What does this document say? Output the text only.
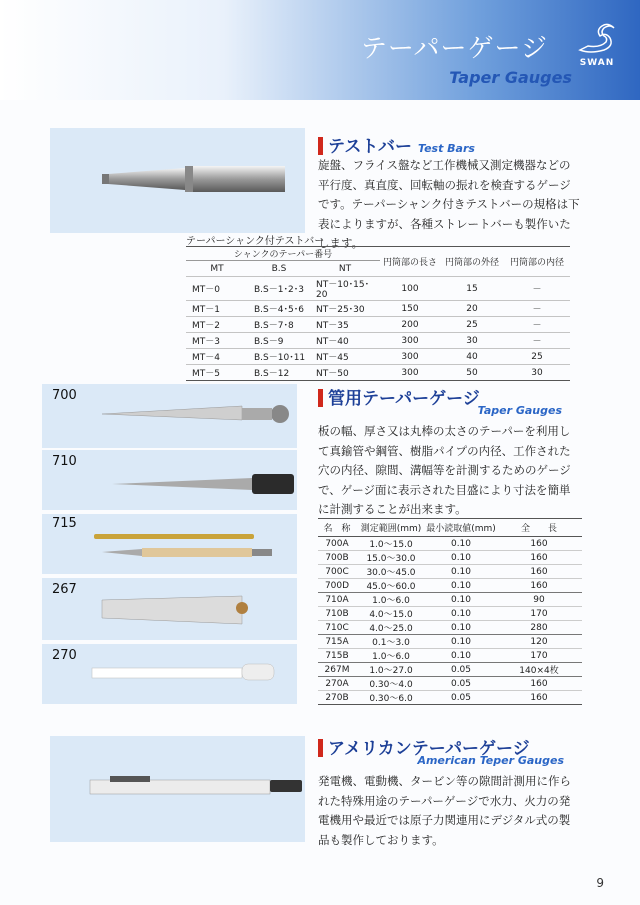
テーパーゲージ
Taper Gauges
SWAN
テストバー Test Bars
旋盤、フライス盤など工作機械又測定機器などの平行度、真直度、回転軸の振れを検査するゲージです。テーパーシャンク付きテストバーの規格は下表によりますが、各種ストレートバーも製作いたします。
テーパーシャンク付テストバー
シャンクのテーパー番号			円筒部の長さ	円筒部の外径	円筒部の内径
MT	B.S	NT			
MT－0	B.S－1･2･3	NT－10･15･20	100	15	－
MT－1	B.S－4･5･6	NT－25･30	150	20	－
MT－2	B.S－7･8	NT－35	200	25	－
MT－3	B.S－9	NT－40	300	30	－
MT－4	B.S－10･11	NT－45	300	40	25
MT－5	B.S－12	NT－50	300	50	30
700
710
715
267
270
管用テーパーゲージ
Taper Gauges
板の幅、厚さ又は丸棒の太さのテーパーを利用して真鍮管や鋼管、樹脂パイプの内径、工作された穴の内径、隙間、溝幅等を計測するためのゲージで、ゲージ面に表示された目盛により寸法を簡単に計測することが出来ます。
名　称	測定範囲(mm)	最小読取値(mm)	全　　長
700A	1.0～15.0	0.10	160
700B	15.0～30.0	0.10	160
700C	30.0～45.0	0.10	160
700D	45.0～60.0	0.10	160
710A	1.0～6.0	0.10	90
710B	4.0～15.0	0.10	170
710C	4.0～25.0	0.10	280
715A	0.1～3.0	0.10	120
715B	1.0～6.0	0.10	170
267M	1.0～27.0	0.05	140×4枚
270A	0.30～4.0	0.05	160
270B	0.30～6.0	0.05	160
アメリカンテーパーゲージ
American Teper Gauges
発電機、電動機、タービン等の隙間計測用に作られた特殊用途のテーパーゲージで水力、火力の発電機用や最近では原子力関連用にデジタル式の製品も製作しております。
9
